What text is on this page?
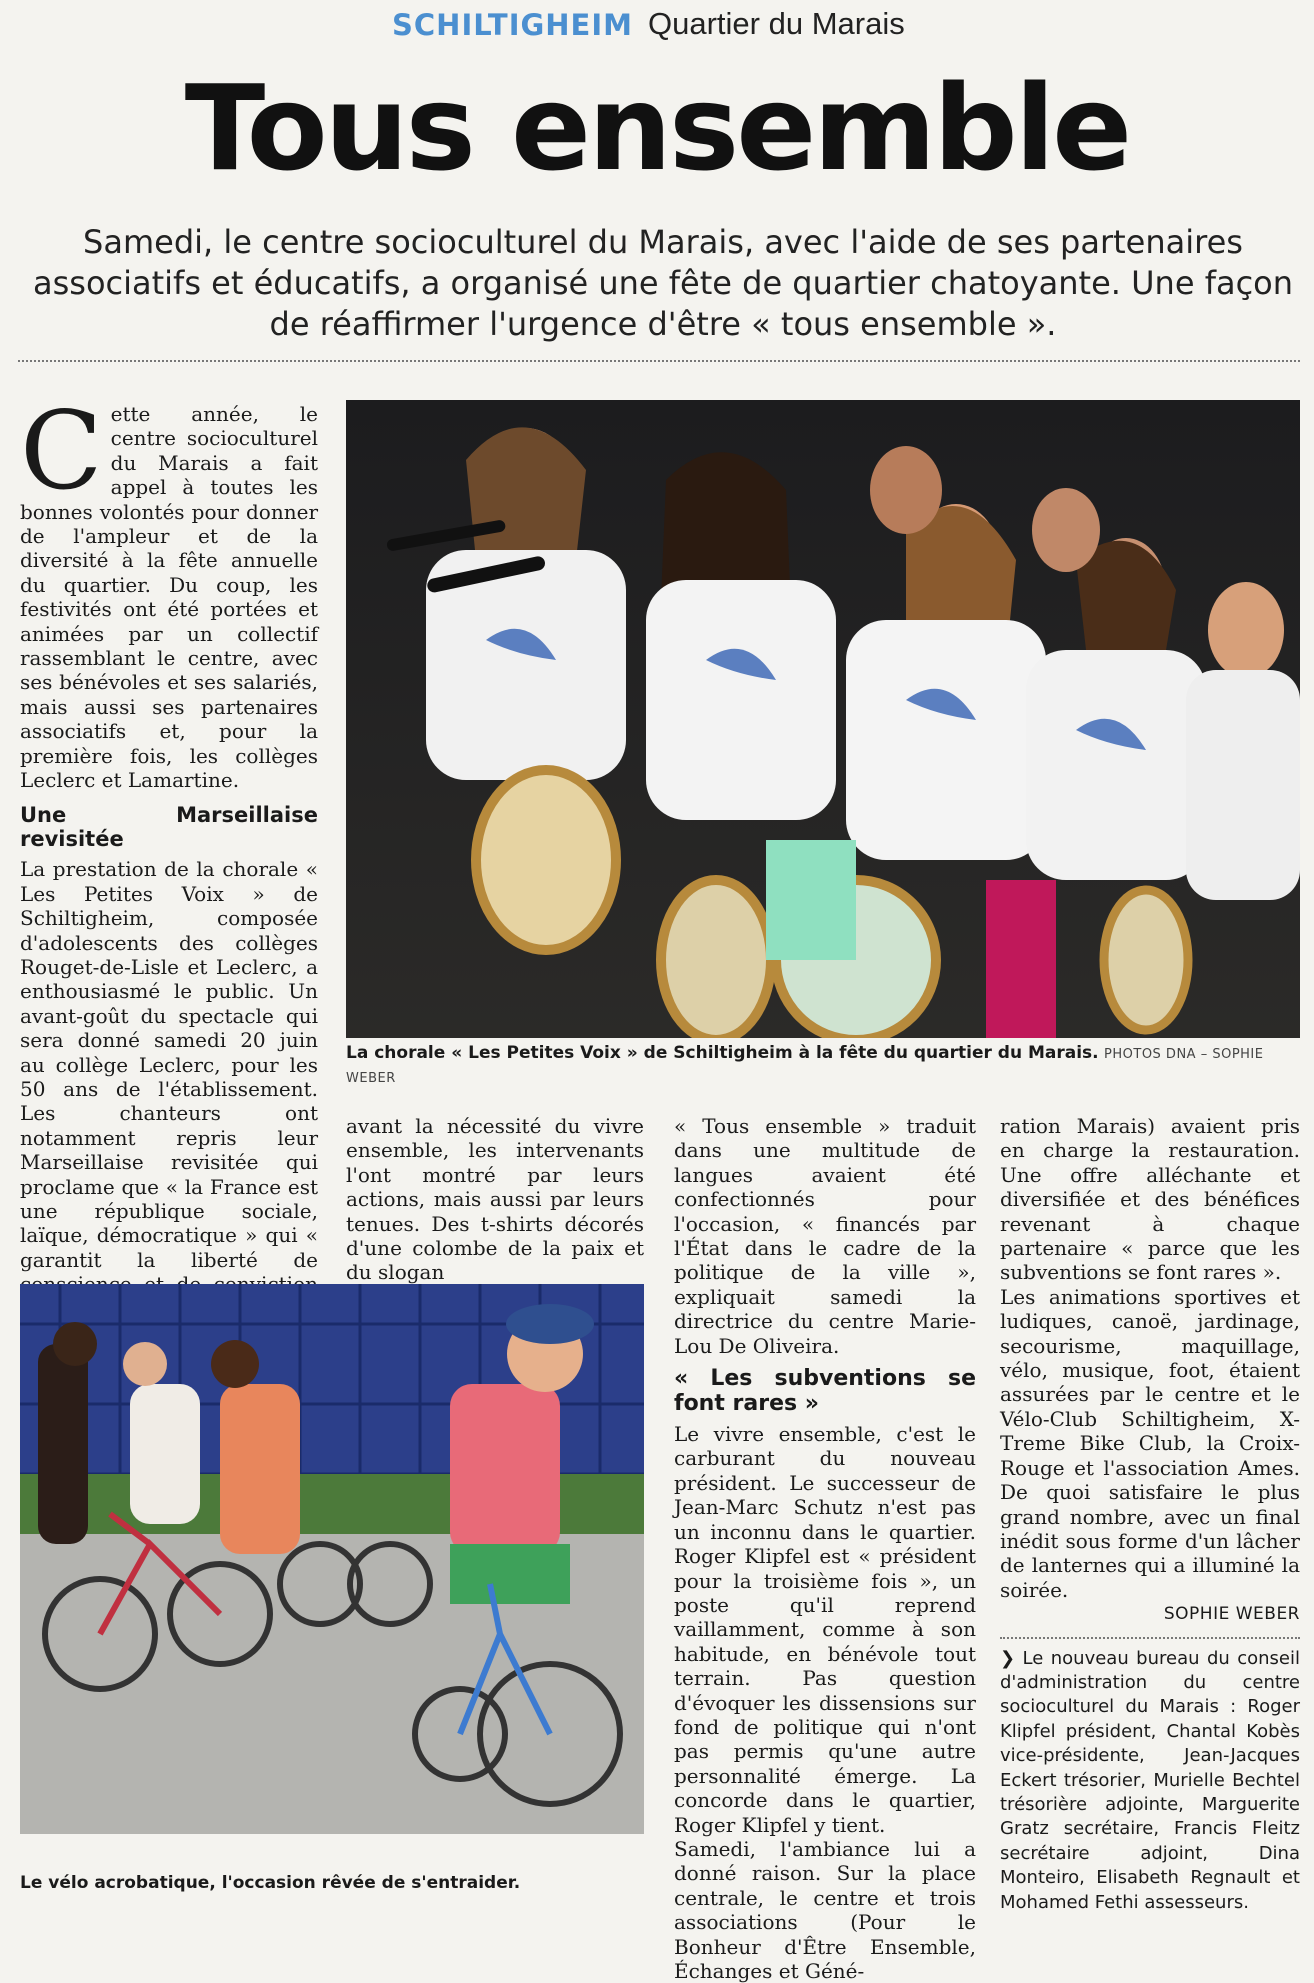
SCHILTIGHEIM Quartier du Marais
Tous ensemble
Samedi, le centre socioculturel du Marais, avec l'aide de ses partenaires associatifs et éducatifs, a organisé une fête de quartier chatoyante. Une façon de réaffirmer l'urgence d'être « tous ensemble ».

Cette année, le centre socioculturel du Marais a fait appel à toutes les bonnes volontés pour donner de l'ampleur et de la diversité à la fête annuelle du quartier. Du coup, les festivités ont été portées et animées par un collectif rassemblant le centre, avec ses bénévoles et ses salariés, mais aussi ses partenaires associatifs et, pour la première fois, les collèges Leclerc et Lamartine.

Une Marseillaise revisitée

La prestation de la chorale « Les Petites Voix » de Schiltigheim, composée d'adolescents des collèges Rouget-de-Lisle et Leclerc, a enthousiasmé le public. Un avant-goût du spectacle qui sera donné samedi 20 juin au collège Leclerc, pour les 50 ans de l'établissement. Les chanteurs ont notamment repris leur Marseillaise revisitée qui proclame que « la France est une république sociale, laïque, démocratique » qui « garantit la liberté de

La chorale « Les Petites Voix » de Schiltigheim à la fête du quartier du Marais. PHOTOS DNA – SOPHIE WEBER

avant la nécessité du vivre ensemble, les intervenants l'ont montré par leurs actions, mais aussi par leurs tenues. Des t-shirts décorés d'une colombe de la paix et du slogan

Le vélo acrobatique, l'occasion rêvée de s'entraider.

« Tous ensemble » traduit dans une multitude de langues avaient été confectionnés pour l'occasion, « financés par l'État dans le cadre de la politique de la ville », expliquait samedi la directrice du centre Marie-Lou De Oliveira.

« Les subventions se font rares »

Le vivre ensemble, c'est le carburant du nouveau président. Le successeur de Jean-Marc Schutz n'est pas un inconnu dans le quartier. Roger Klipfel est « président pour la troisième fois », un poste qu'il reprend vaillamment, comme à son habitude, en bénévole tout terrain. Pas question d'évoquer les dissensions sur fond de politique qui n'ont pas permis qu'une autre personnalité émerge. La concorde dans le quartier, Roger Klipfel y tient.

Samedi, l'ambiance lui a donné raison. Sur la place centrale, le centre et trois associations (Pour le Bonheur d'Être Ensemble, Échanges et Géné-

ration Marais) avaient pris en charge la restauration. Une offre alléchante et diversifiée et des bénéfices revenant à chaque partenaire « parce que les subventions se font rares ».

Les animations sportives et ludiques, canoë, jardinage, secourisme, maquillage, vélo, musique, foot, étaient assurées par le centre et le Vélo-Club Schiltigheim, X-Treme Bike Club, la Croix-Rouge et l'association Ames. De quoi satisfaire le plus grand nombre, avec un final inédit sous forme d'un lâcher de lanternes qui a illuminé la soirée.

SOPHIE WEBER
❯ Le nouveau bureau du conseil d'administration du centre socioculturel du Marais : Roger Klipfel président, Chantal Kobès vice-présidente, Jean-Jacques Eckert trésorier, Murielle Bechtel trésorière adjointe, Marguerite Gratz secrétaire, Francis Fleitz secrétaire adjoint, Dina Monteiro, Elisabeth Regnault et Mohamed Fethi assesseurs.
